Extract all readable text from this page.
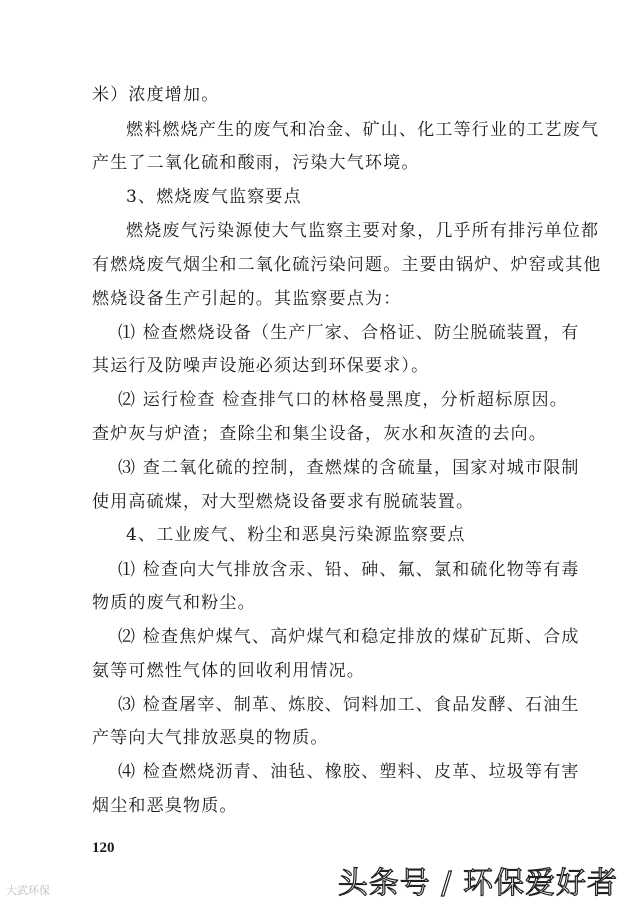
米）浓度增加。
燃料燃烧产生的废气和冶金、矿山、化工等行业的工艺废气
产生了二氧化硫和酸雨，污染大气环境。
3、燃烧废气监察要点
燃烧废气污染源使大气监察主要对象，几乎所有排污单位都
有燃烧废气烟尘和二氧化硫污染问题。主要由锅炉、炉窑或其他
燃烧设备生产引起的。其监察要点为：
⑴ 检查燃烧设备（生产厂家、合格证、防尘脱硫装置，有
其运行及防噪声设施必须达到环保要求）。
⑵ 运行检查 检查排气口的林格曼黑度，分析超标原因。
查炉灰与炉渣；查除尘和集尘设备，灰水和灰渣的去向。
⑶ 查二氧化硫的控制，查燃煤的含硫量，国家对城市限制
使用高硫煤，对大型燃烧设备要求有脱硫装置。
4、工业废气、粉尘和恶臭污染源监察要点
⑴ 检查向大气排放含汞、铅、砷、氟、氯和硫化物等有毒
物质的废气和粉尘。
⑵ 检查焦炉煤气、高炉煤气和稳定排放的煤矿瓦斯、合成
氨等可燃性气体的回收利用情况。
⑶ 检查屠宰、制革、炼胶、饲料加工、食品发酵、石油生
产等向大气排放恶臭的物质。
⑷ 检查燃烧沥青、油毡、橡胶、塑料、皮革、垃圾等有害
烟尘和恶臭物质。
120
头条号 / 环保爱好者
大武环保
